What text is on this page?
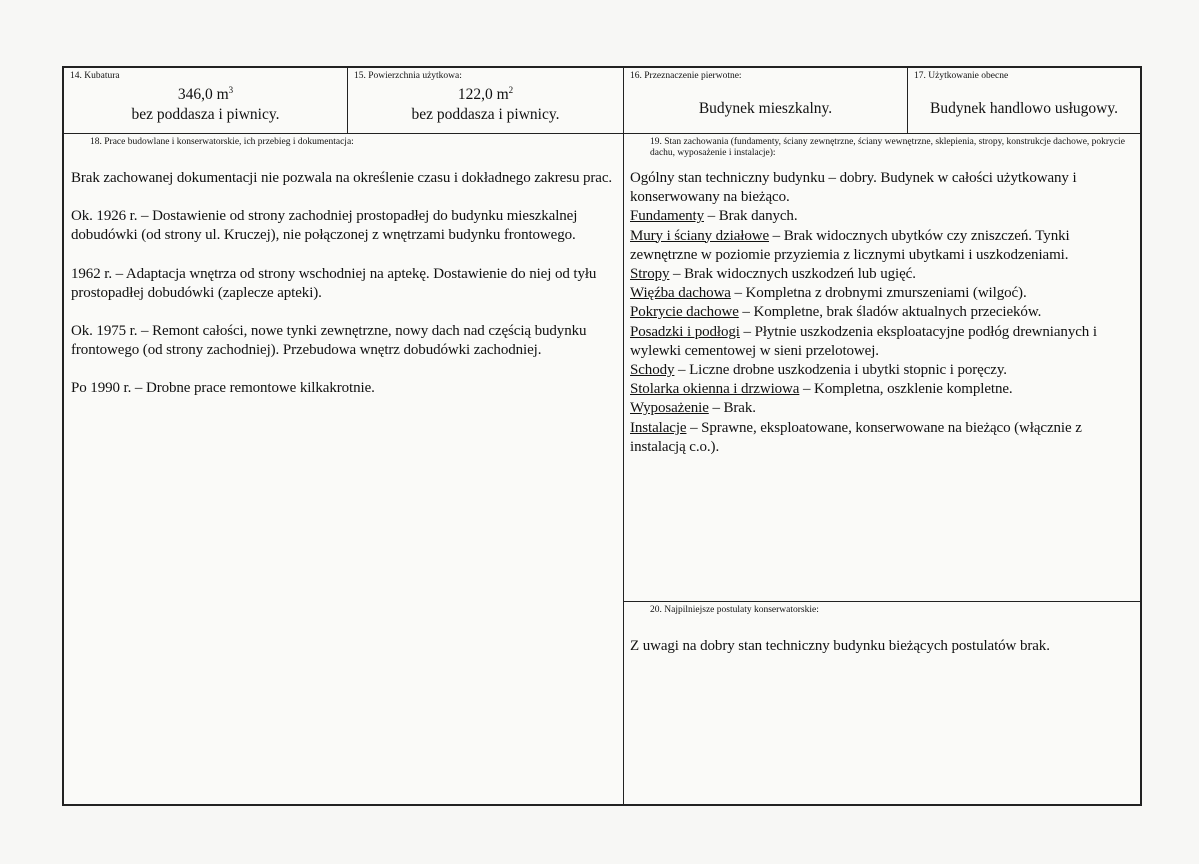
14. Kubatura
346,0 $m^3$
bez poddasza i piwnicy.
15. Powierzchnia użytkowa:
122,0 $m^2$
bez poddasza i piwnicy.
16. Przeznaczenie pierwotne:
Budynek mieszkalny.
17. Użytkowanie obecne
Budynek handlowo usługowy.
18. Prace budowlane i konserwatorskie, ich przebieg i dokumentacja:

Brak zachowanej dokumentacji nie pozwala na określenie czasu i dokładnego zakresu prac.

Ok. 1926 r. – Dostawienie od strony zachodniej prostopadłej do budynku mieszkalnej dobudówki (od strony ul. Kruczej), nie połączonej z wnętrzami budynku frontowego.

1962 r. – Adaptacja wnętrza od strony wschodniej na aptekę. Dostawienie do niej od tyłu prostopadłej dobudówki (zaplecze apteki).

Ok. 1975 r. – Remont całości, nowe tynki zewnętrzne, nowy dach nad częścią budynku frontowego (od strony zachodniej). Przebudowa wnętrz dobudówki zachodniej.

Po 1990 r. – Drobne prace remontowe kilkakrotnie.

19. Stan zachowania (fundamenty, ściany zewnętrzne, ściany wewnętrzne, sklepienia, stropy, konstrukcje dachowe, pokrycie dachu, wyposażenie i instalacje):
Ogólny stan techniczny budynku – dobry. Budynek w całości użytkowany i konserwowany na bieżąco.
Fundamenty – Brak danych.
Mury i ściany działowe – Brak widocznych ubytków czy zniszczeń. Tynki zewnętrzne w poziomie przyziemia z licznymi ubytkami i uszkodzeniami.
Stropy – Brak widocznych uszkodzeń lub ugięć.
Więźba dachowa – Kompletna z drobnymi zmurszeniami (wilgoć).
Pokrycie dachowe – Kompletne, brak śladów aktualnych przecieków.
Posadzki i podłogi – Płytnie uszkodzenia eksploatacyjne podłóg drewnianych i wylewki cementowej w sieni przelotowej.
Schody – Liczne drobne uszkodzenia i ubytki stopnic i poręczy.
Stolarka okienna i drzwiowa – Kompletna, oszklenie kompletne.
Wyposażenie – Brak.
Instalacje – Sprawne, eksploatowane, konserwowane na bieżąco (włącznie z instalacją c.o.).
20. Najpilniejsze postulaty konserwatorskie:
Z uwagi na dobry stan techniczny budynku bieżących postulatów brak.
